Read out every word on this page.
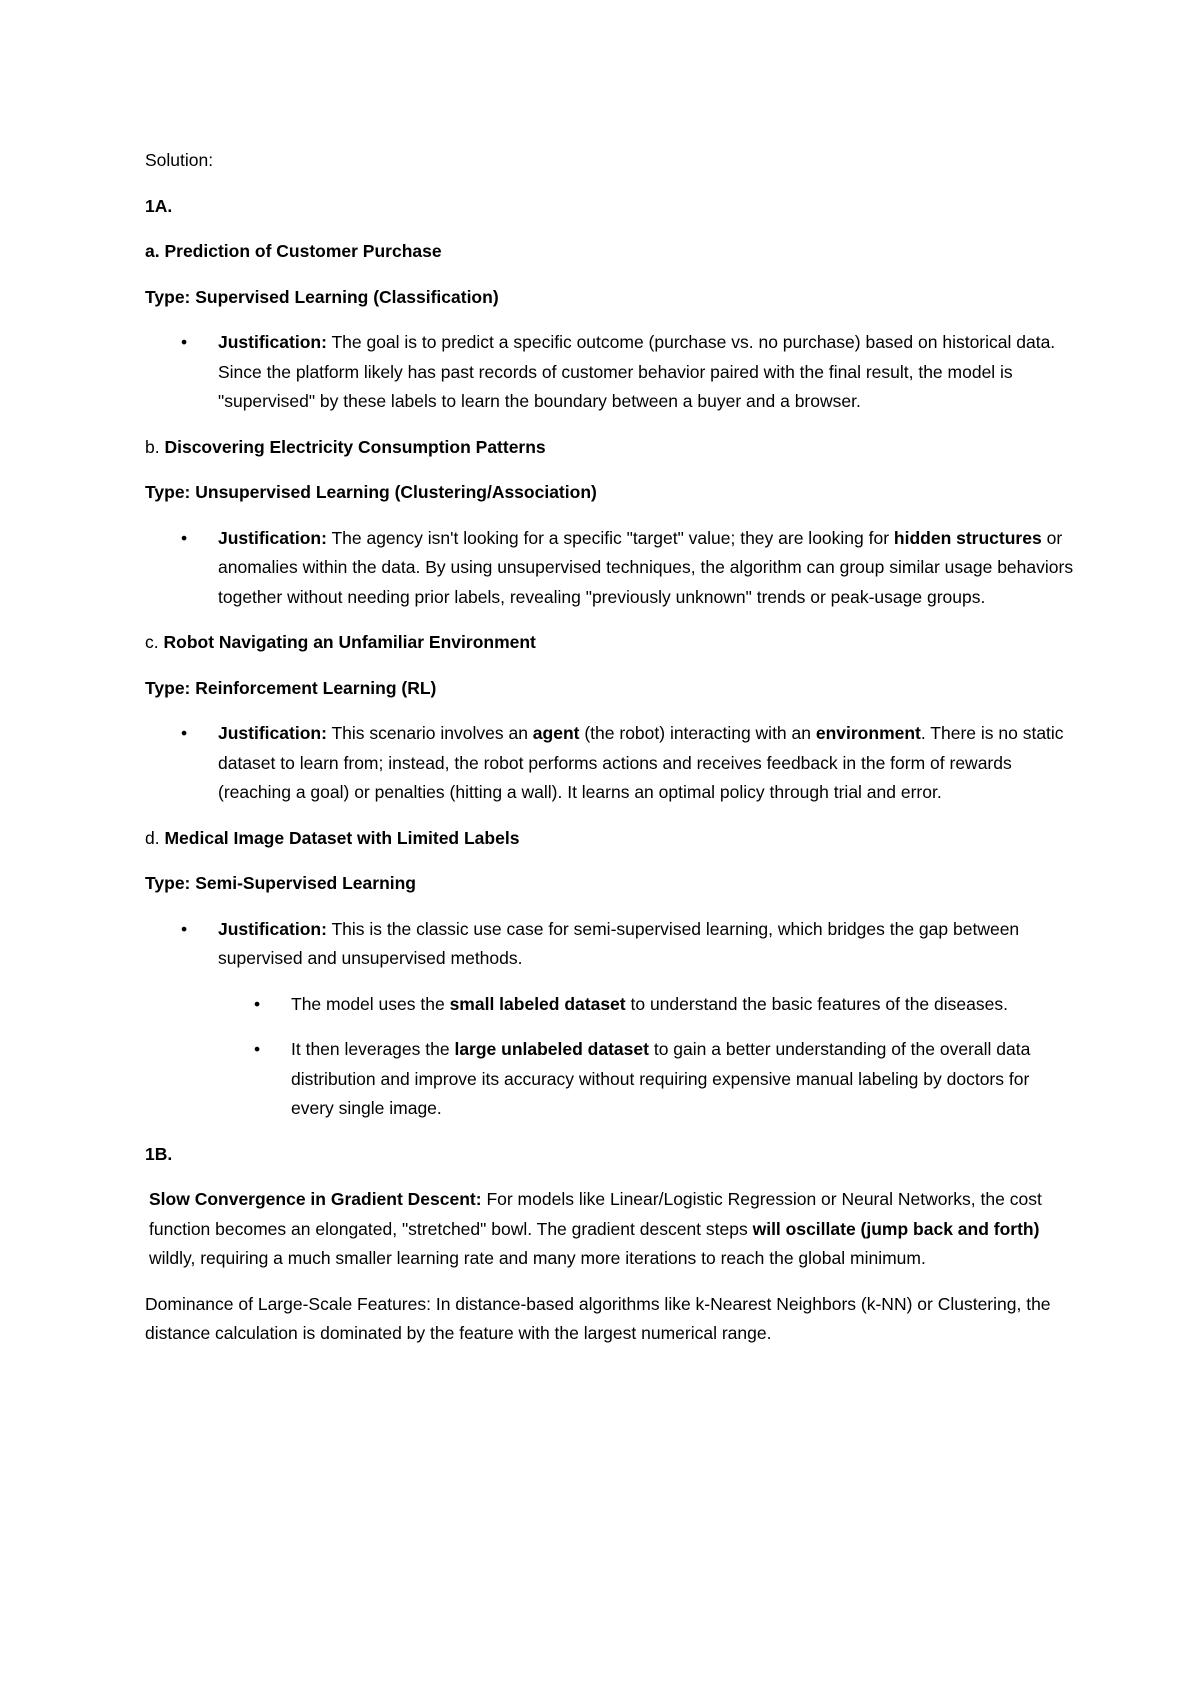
Solution:

1A.

a. Prediction of Customer Purchase

Type: Supervised Learning (Classification)

• Justification: The goal is to predict a specific outcome (purchase vs. no purchase) based on historical data. Since the platform likely has past records of customer behavior paired with the final result, the model is "supervised" by these labels to learn the boundary between a buyer and a browser.

b. Discovering Electricity Consumption Patterns

Type: Unsupervised Learning (Clustering/Association)

• Justification: The agency isn't looking for a specific "target" value; they are looking for hidden structures or anomalies within the data. By using unsupervised techniques, the algorithm can group similar usage behaviors together without needing prior labels, revealing "previously unknown" trends or peak-usage groups.

c. Robot Navigating an Unfamiliar Environment

Type: Reinforcement Learning (RL)

• Justification: This scenario involves an agent (the robot) interacting with an environment. There is no static dataset to learn from; instead, the robot performs actions and receives feedback in the form of rewards (reaching a goal) or penalties (hitting a wall). It learns an optimal policy through trial and error.

d. Medical Image Dataset with Limited Labels

Type: Semi-Supervised Learning

• Justification: This is the classic use case for semi-supervised learning, which bridges the gap between supervised and unsupervised methods.
• The model uses the small labeled dataset to understand the basic features of the diseases.
• It then leverages the large unlabeled dataset to gain a better understanding of the overall data distribution and improve its accuracy without requiring expensive manual labeling by doctors for every single image.

1B.

Slow Convergence in Gradient Descent: For models like Linear/Logistic Regression or Neural Networks, the cost function becomes an elongated, "stretched" bowl. The gradient descent steps will oscillate (jump back and forth) wildly, requiring a much smaller learning rate and many more iterations to reach the global minimum.

Dominance of Large-Scale Features: In distance-based algorithms like k-Nearest Neighbors (k-NN) or Clustering, the distance calculation is dominated by the feature with the largest numerical range.
